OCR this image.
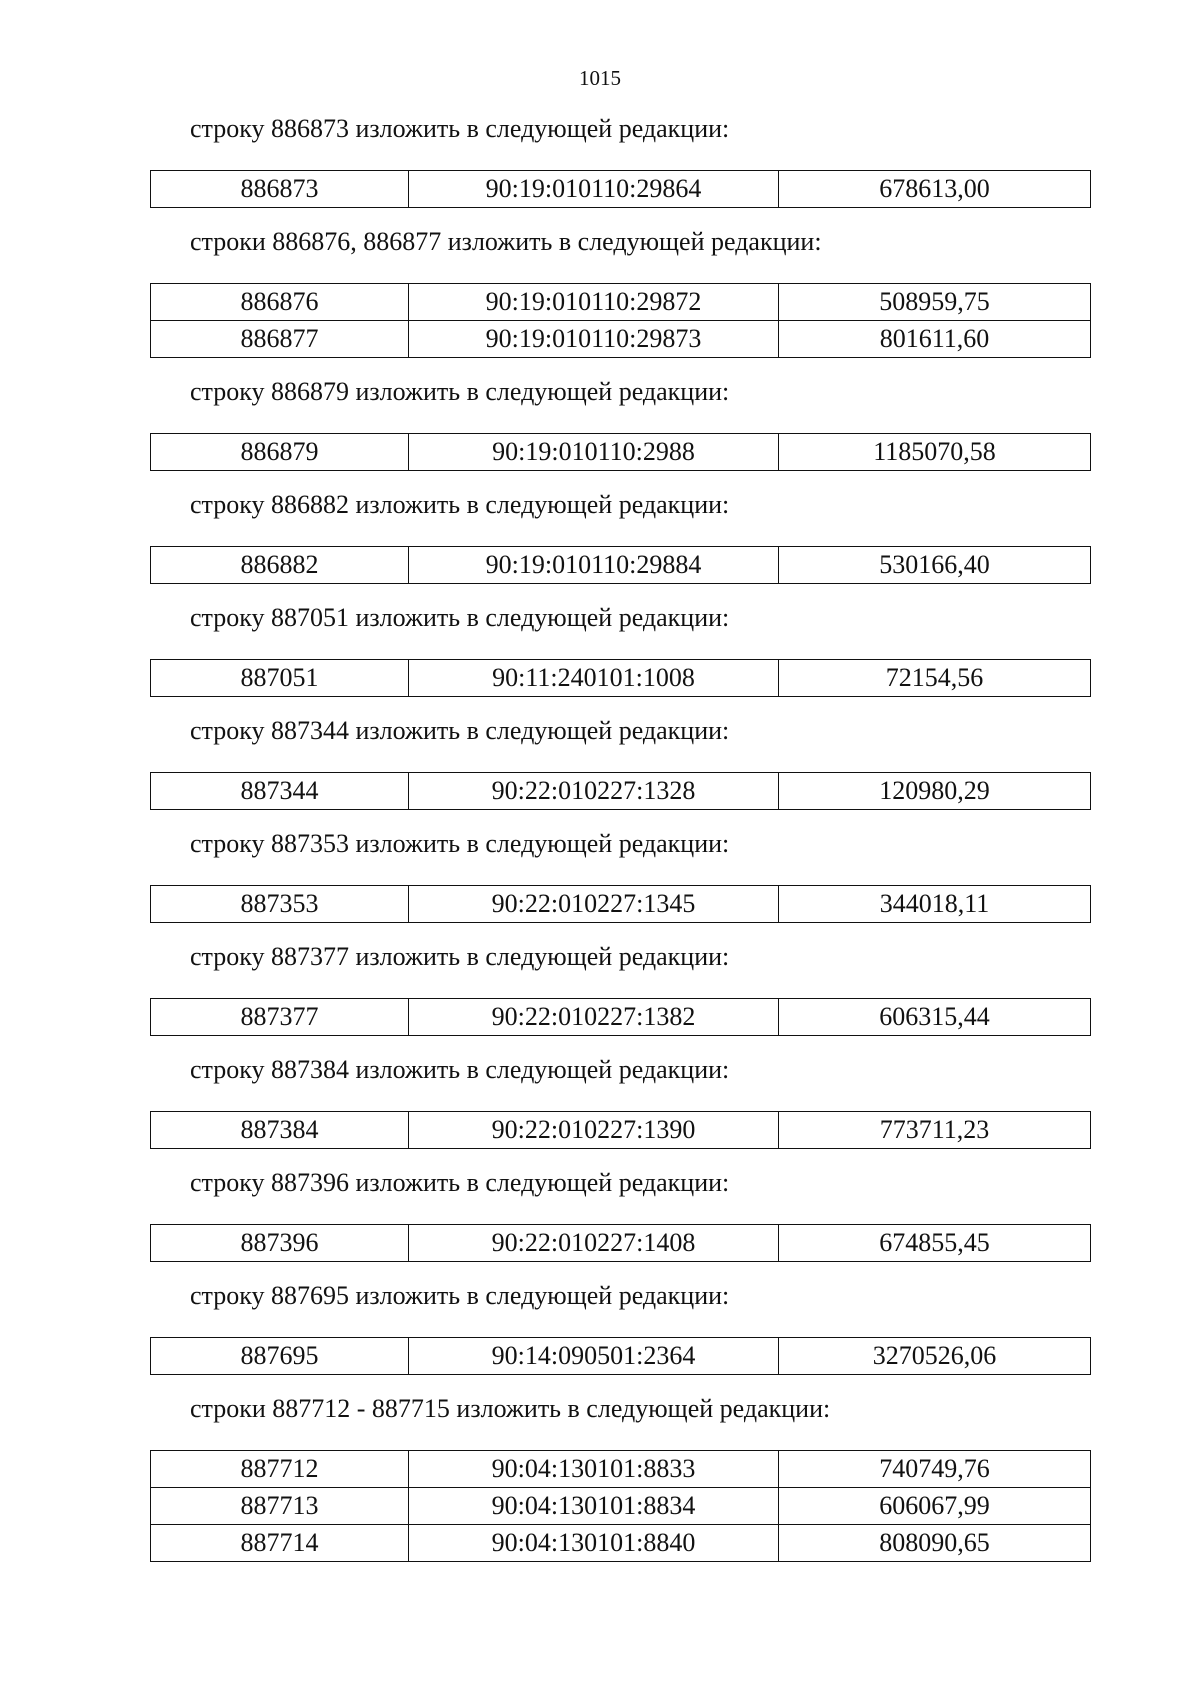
1015
строку 886873 изложить в следующей редакции:
886873	90:19:010110:29864	678613,00
строки 886876, 886877 изложить в следующей редакции:
886876	90:19:010110:29872	508959,75
886877	90:19:010110:29873	801611,60
строку 886879 изложить в следующей редакции:
886879	90:19:010110:2988	1185070,58
строку 886882 изложить в следующей редакции:
886882	90:19:010110:29884	530166,40
строку 887051 изложить в следующей редакции:
887051	90:11:240101:1008	72154,56
строку 887344 изложить в следующей редакции:
887344	90:22:010227:1328	120980,29
строку 887353 изложить в следующей редакции:
887353	90:22:010227:1345	344018,11
строку 887377 изложить в следующей редакции:
887377	90:22:010227:1382	606315,44
строку 887384 изложить в следующей редакции:
887384	90:22:010227:1390	773711,23
строку 887396 изложить в следующей редакции:
887396	90:22:010227:1408	674855,45
строку 887695 изложить в следующей редакции:
887695	90:14:090501:2364	3270526,06
строки 887712 - 887715 изложить в следующей редакции:
887712	90:04:130101:8833	740749,76
887713	90:04:130101:8834	606067,99
887714	90:04:130101:8840	808090,65
